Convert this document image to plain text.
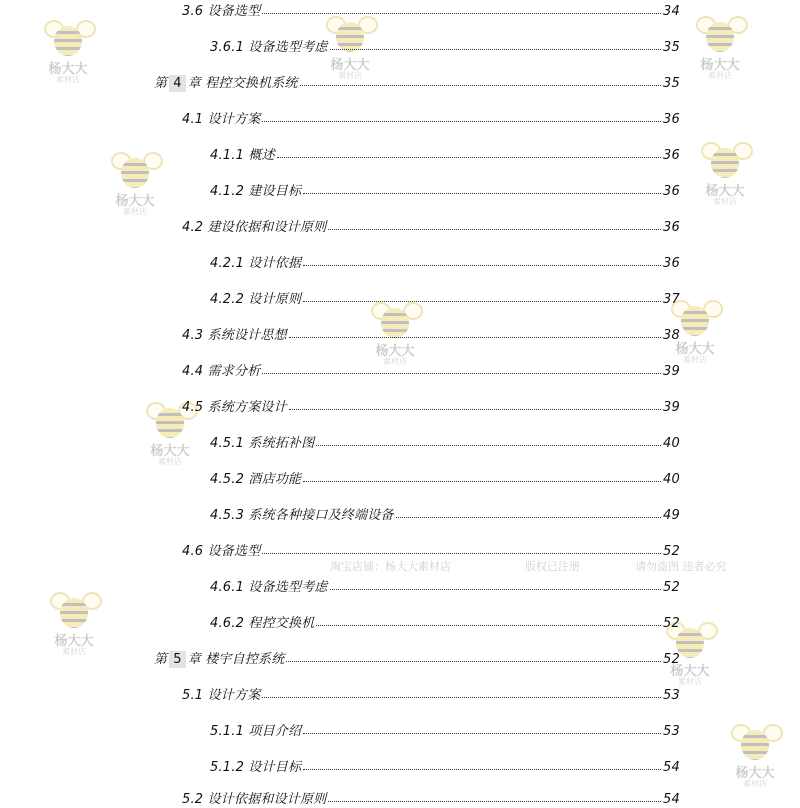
杨大大
素材店
杨大大
素材店
杨大大
素材店
杨大大
素材店
杨大大
素材店
杨大大
素材店
杨大大
素材店
杨大大
素材店
杨大大
素材店
杨大大
素材店
杨大大
素材店
淘宝店铺：杨大大素材店	版权已注册	请勿盗图 违者必究
3.6 设备选型	34
3.6.1 设备选型考虑	35
第 4 章 程控交换机系统	35
4.1 设计方案	36
4.1.1 概述	36
4.1.2 建设目标	36
4.2 建设依据和设计原则	36
4.2.1 设计依据	36
4.2.2 设计原则	37
4.3 系统设计思想	38
4.4 需求分析	39
4.5 系统方案设计	39
4.5.1 系统拓补图	40
4.5.2 酒店功能	40
4.5.3 系统各种接口及终端设备	49
4.6 设备选型	52
4.6.1 设备选型考虑	52
4.6.2 程控交换机	52
第 5 章 楼宇自控系统	52
5.1 设计方案	53
5.1.1 项目介绍	53
5.1.2 设计目标	54
5.2 设计依据和设计原则	54
